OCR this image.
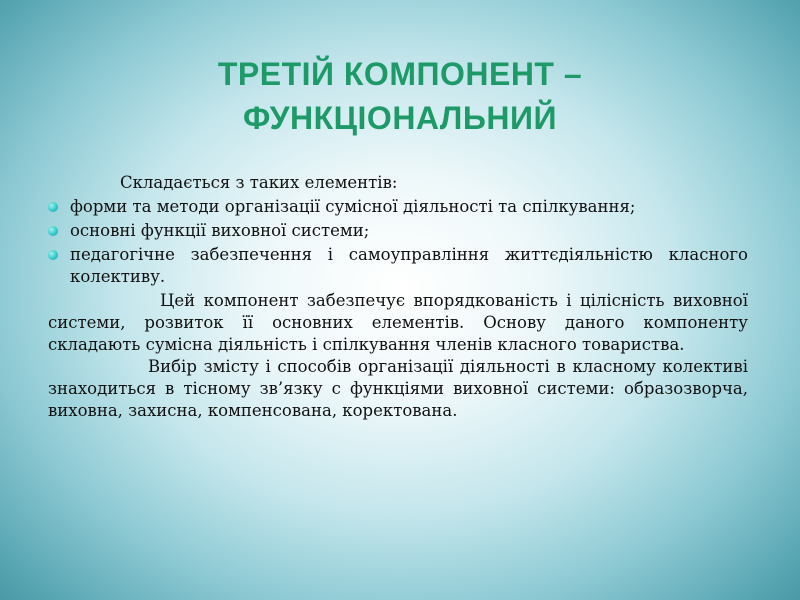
ТРЕТІЙ КОМПОНЕНТ –
ФУНКЦІОНАЛЬНИЙ
Складається з таких елементів:
форми та методи організації сумісної діяльності та спілкування;
основні функції виховної системи;
педагогічне забезпечення і самоуправління життєдіяльністю класного колективу.

Цей компонент забезпечує впорядкованість і цілісність виховної системи, розвиток її основних елементів. Основу даного компоненту складають сумісна діяльність і спілкування членів класного товариства.

Вибір змісту і способів організації діяльності в класному колективі знаходиться в тісному зв’язку с функціями виховної системи: образозворча, виховна, захисна, компенсована, коректована.
